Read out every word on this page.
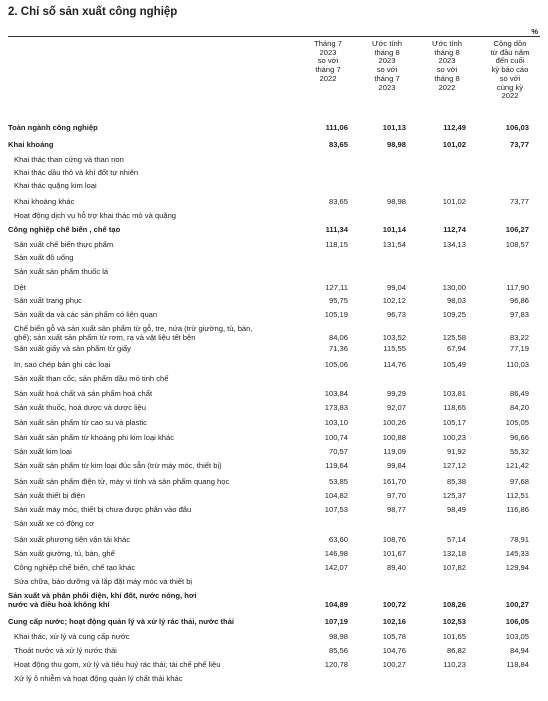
2. Chỉ số sản xuất công nghiệp
%
Tháng 7
2023
so với
tháng 7
2022
Ước tính
tháng 8
2023
so với
tháng 7
2023
Ước tính
tháng 8
2023
so với
tháng 8
2022
Cộng dồn
từ đầu năm
đến cuối
kỳ báo cáo
so với
cùng kỳ
2022
Toàn ngành công nghiệp	111,06	101,13	112,49	106,03
Khai khoáng	83,65	98,98	101,02	73,77
Khai thác than cứng và than non
Khai thác dầu thô và khí đốt tự nhiên
Khai thác quặng kim loại
Khai khoáng khác	83,65	98,98	101,02	73,77
Hoạt động dịch vụ hỗ trợ khai thác mỏ và quặng
Công nghiệp chế biến , chế tạo	111,34	101,14	112,74	106,27
Sản xuất chế biến thực phẩm	118,15	131,54	134,13	108,57
Sản xuất đồ uống
Sản xuất sản phẩm thuốc lá
Dệt	127,11	99,04	130,00	117,90
Sản xuất trang phục	95,75	102,12	98,03	96,86
Sản xuất da và các sản phẩm có liên quan	105,19	96,73	109,25	97,83
Chế biến gỗ và sản xuất sản phẩm từ gỗ, tre, nứa (trừ giường, tủ, bàn,
ghế); sản xuất sản phẩm từ rơm, rạ và vật liệu tết bện	84,06	103,52	125,58	83,22
Sản xuất giấy và sản phẩm từ giấy	71,36	115,55	67,94	77,19
In, sao chép bản ghi các loại	105,06	114,76	105,49	110,03
Sản xuất than cốc, sản phẩm dầu mỏ tinh chế
Sản xuất hoá chất và sản phẩm hoá chất	103,84	99,29	103,81	86,49
Sản xuất thuốc, hoá dược và dược liệu	173,83	92,07	118,65	84,20
Sản xuất sản phẩm từ cao su và plastic	103,10	100,26	105,17	105,05
Sản xuất sản phẩm từ khoáng phi kim loại khác	100,74	100,88	100,23	96,66
Sản xuất kim loại	70,57	119,09	91,92	55,32
Sản xuất sản phẩm từ kim loại đúc sẵn (trừ máy móc, thiết bị)	119,64	99,84	127,12	121,42
Sản xuất sản phẩm điện tử, máy vi tính và sản phẩm quang học	53,85	161,70	85,38	97,68
Sản xuất thiết bị điện	104,82	97,70	125,37	112,51
Sản xuất máy móc, thiết bị chưa được phân vào đâu	107,53	98,77	98,49	116,86
Sản xuất xe có động cơ
Sản xuất phương tiện vận tải khác	63,60	108,76	57,14	78,91
Sản xuất giường, tủ, bàn, ghế	146,98	101,67	132,18	145,33
Công nghiệp chế biến, chế tạo khác	142,07	89,40	107,82	129,94
Sửa chữa, bảo dưỡng và lắp đặt máy móc và thiết bị
Sản xuất và phân phối điện, khí đốt, nước nóng, hơi
nước và điều hoà không khí	104,89	100,72	108,26	100,27
Cung cấp nước; hoạt động quản lý và xử lý rác thải, nước thải	107,19	102,16	102,53	106,05
Khai thác, xử lý và cung cấp nước	98,98	105,78	101,65	103,05
Thoát nước và xử lý nước thải	85,56	104,76	86,82	84,94
Hoạt động thu gom, xử lý và tiêu huỷ rác thải; tái chế phế liệu	120,78	100,27	110,23	118,84
Xử lý ô nhiễm và hoạt động quản lý chất thải khác
